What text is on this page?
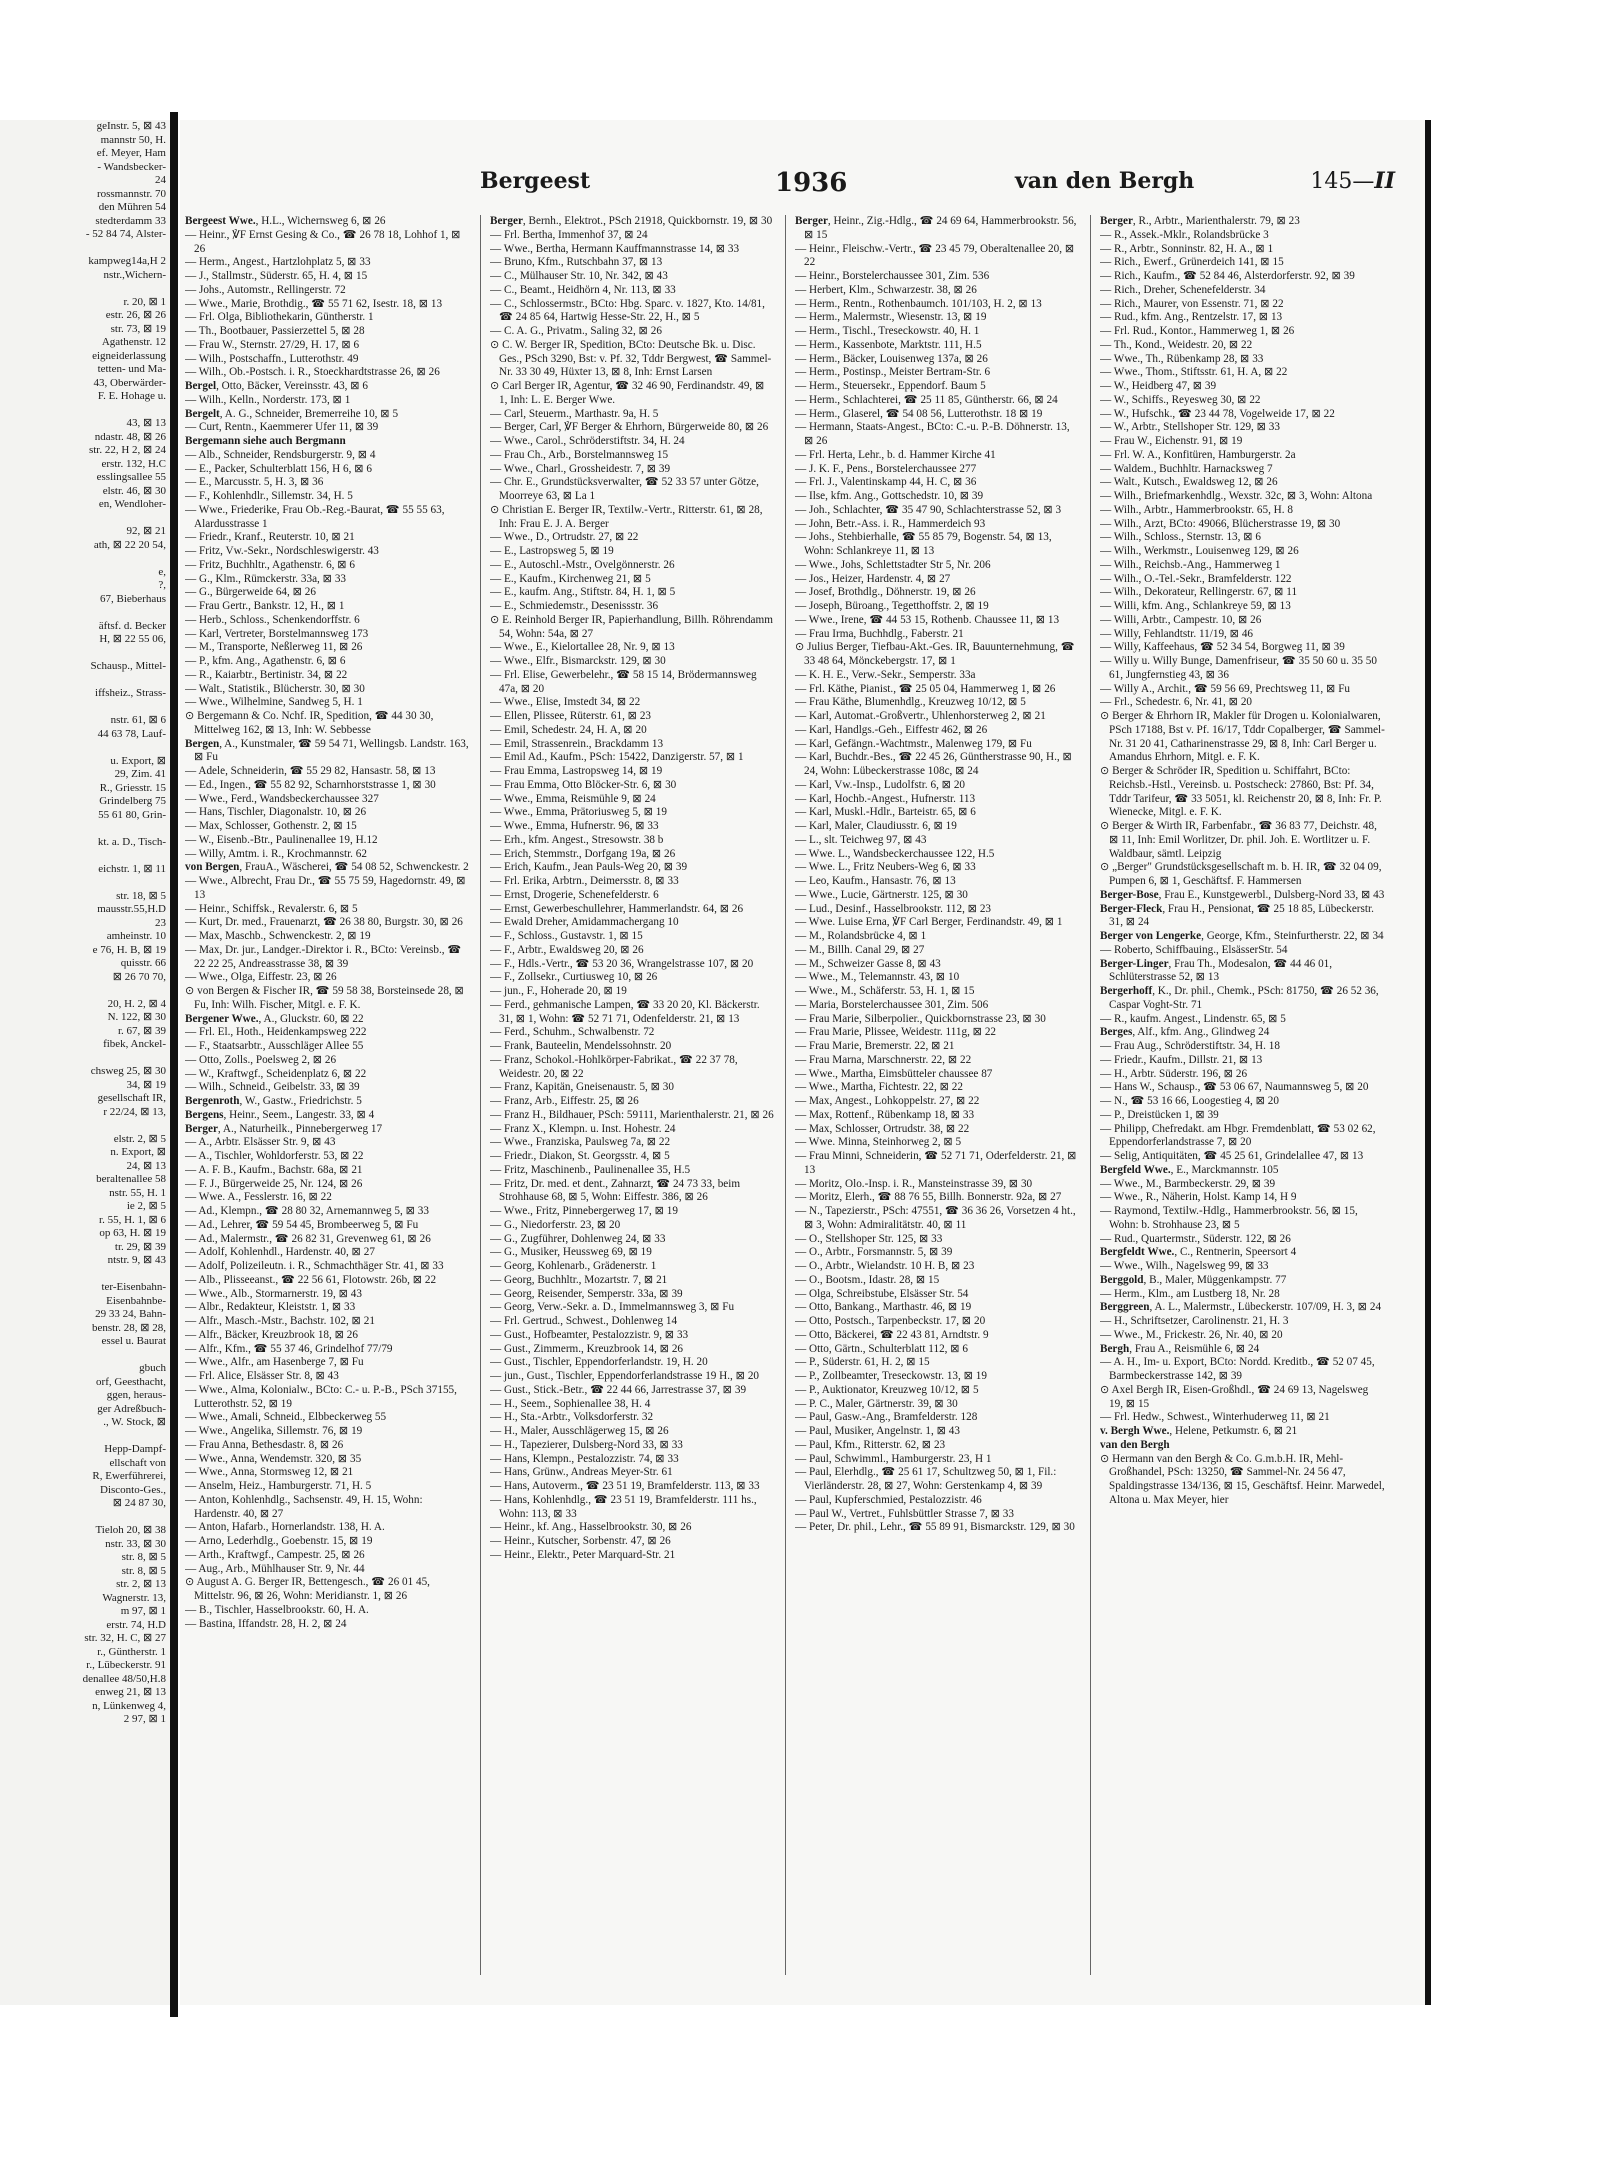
geInstr. 5, ⊠ 43

mannstr 50, H.

ef. Meyer, Ham

- Wandsbecker-

24

rossmannstr. 70

den Mühren 54

stedterdamm 33

- 52 84 74, Alster-

kampweg14a,H 2

nstr.,Wichern-

r. 20, ⊠ 1

estr. 26, ⊠ 26

str. 73, ⊠ 19

Agathenstr. 12

eigneiderlassung

tetten- und Ma-

43, Oberwärder-

F. E. Hohage u.

43, ⊠ 13

ndastr. 48, ⊠ 26

str. 22, H 2, ⊠ 24

erstr. 132, H.C

esslingsallee 55

elstr. 46, ⊠ 30

en, Wendloher-

92, ⊠ 21

ath, ⊠ 22 20 54,

e,

?,

67, Bieberhaus

äftsf. d. Becker

H, ⊠ 22 55 06,

Schausp., Mittel-

iffsheiz., Strass-

nstr. 61, ⊠ 6

44 63 78, Lauf-

u. Export, ⊠

29, Zim. 41

R., Griesstr. 15

Grindelberg 75

55 61 80, Grin-

kt. a. D., Tisch-

eichstr. 1, ⊠ 11

str. 18, ⊠ 5

mausstr.55,H.D

23

amheinstr. 10

e 76, H. B, ⊠ 19

quisstr. 66

⊠ 26 70 70,

20, H. 2, ⊠ 4

N. 122, ⊠ 30

r. 67, ⊠ 39

fibek, Anckel-

chsweg 25, ⊠ 30

34, ⊠ 19

gesellschaft IR,

r 22/24, ⊠ 13,

elstr. 2, ⊠ 5

n. Export, ⊠

24, ⊠ 13

beraltenallee 58

nstr. 55, H. 1

ie 2, ⊠ 5

r. 55, H. 1, ⊠ 6

op 63, H. ⊠ 19

tr. 29, ⊠ 39

ntstr. 9, ⊠ 43

ter-Eisenbahn-

Eisenbahnbe-

29 33 24, Bahn-

benstr. 28, ⊠ 28,

essel u. Baurat

gbuch

orf, Geesthacht,

ggen, heraus-

ger Adreßbuch-

., W. Stock, ⊠

Hepp-Dampf-

ellschaft von

R, Ewerführerei,

Disconto-Ges.,

⊠ 24 87 30,

Tieloh 20, ⊠ 38

nstr. 33, ⊠ 30

str. 8, ⊠ 5

str. 8, ⊠ 5

str. 2, ⊠ 13

Wagnerstr. 13,

m 97, ⊠ 1

erstr. 74, H.D

str. 32, H. C, ⊠ 27

r., Güntherstr. 1

r., Lübeckerstr. 91

denallee 48/50,H.8

enweg 21, ⊠ 13

n, Lünkenweg 4,

2 97, ⊠ 1

Bergeest	1936	van den Bergh	145—II

Bergeest Wwe., H.L., Wichernsweg 6, ⊠ 26

— Heinr., ℣F Ernst Gesing & Co., ☎ 26 78 18, Lohhof 1, ⊠ 26

— Herm., Angest., Hartzlohplatz 5, ⊠ 33

— J., Stallmstr., Süderstr. 65, H. 4, ⊠ 15

— Johs., Automstr., Rellingerstr. 72

— Wwe., Marie, Brothdig., ☎ 55 71 62, Isestr. 18, ⊠ 13

— Frl. Olga, Bibliothekarin, Güntherstr. 1

— Th., Bootbauer, Passierzettel 5, ⊠ 28

— Frau W., Sternstr. 27/29, H. 17, ⊠ 6

— Wilh., Postschaffn., Lutterothstr. 49

— Wilh., Ob.-Postsch. i. R., Stoeckhardtstrasse 26, ⊠ 26

Bergel, Otto, Bäcker, Vereinsstr. 43, ⊠ 6

— Wilh., Kelln., Norderstr. 173, ⊠ 1

Bergelt, A. G., Schneider, Bremerreihe 10, ⊠ 5

— Curt, Rentn., Kaemmerer Ufer 11, ⊠ 39

Bergemann siehe auch Bergmann

— Alb., Schneider, Rendsburgerstr. 9, ⊠ 4

— E., Packer, Schulterblatt 156, H 6, ⊠ 6

— E., Marcusstr. 5, H. 3, ⊠ 36

— F., Kohlenhdlr., Sillemstr. 34, H. 5

— Wwe., Friederike, Frau Ob.-Reg.-Baurat, ☎ 55 55 63, Alardusstrasse 1

— Friedr., Kranf., Reuterstr. 10, ⊠ 21

— Fritz, Vw.-Sekr., Nordschleswigerstr. 43

— Fritz, Buchhltr., Agathenstr. 6, ⊠ 6

— G., Klm., Rümckerstr. 33a, ⊠ 33

— G., Bürgerweide 64, ⊠ 26

— Frau Gertr., Bankstr. 12, H., ⊠ 1

— Herb., Schloss., Schenkendorffstr. 6

— Karl, Vertreter, Borstelmannsweg 173

— M., Transporte, Neßlerweg 11, ⊠ 26

— P., kfm. Ang., Agathenstr. 6, ⊠ 6

— R., Kaiarbtr., Bertinistr. 34, ⊠ 22

— Walt., Statistik., Blücherstr. 30, ⊠ 30

— Wwe., Wilhelmine, Sandweg 5, H. 1

⊙ Bergemann & Co. Nchf. IR, Spedition, ☎ 44 30 30, Mittelweg 162, ⊠ 13, Inh: W. Sebbesse

Bergen, A., Kunstmaler, ☎ 59 54 71, Wellingsb. Landstr. 163, ⊠ Fu

— Adele, Schneiderin, ☎ 55 29 82, Hansastr. 58, ⊠ 13

— Ed., Ingen., ☎ 55 82 92, Scharnhorststrasse 1, ⊠ 30

— Wwe., Ferd., Wandsbeckerchaussee 327

— Hans, Tischler, Diagonalstr. 10, ⊠ 26

— Max, Schlosser, Gothenstr. 2, ⊠ 15

— W., Eisenb.-Btr., Paulinenallee 19, H.12

— Willy, Amtm. i. R., Krochmannstr. 62

von Bergen, FrauA., Wäscherei, ☎ 54 08 52, Schwenckestr. 2

— Wwe., Albrecht, Frau Dr., ☎ 55 75 59, Hagedornstr. 49, ⊠ 13

— Heinr., Schiffsk., Revalerstr. 6, ⊠ 5

— Kurt, Dr. med., Frauenarzt, ☎ 26 38 80, Burgstr. 30, ⊠ 26

— Max, Maschb., Schwenckestr. 2, ⊠ 19

— Max, Dr. jur., Landger.-Direktor i. R., BCto: Vereinsb., ☎ 22 22 25, Andreasstrasse 38, ⊠ 39

— Wwe., Olga, Eiffestr. 23, ⊠ 26

⊙ von Bergen & Fischer IR, ☎ 59 58 38, Borsteinsede 28, ⊠ Fu, Inh: Wilh. Fischer, Mitgl. e. F. K.

Bergener Wwe., A., Gluckstr. 60, ⊠ 22

— Frl. El., Hoth., Heidenkampsweg 222

— F., Staatsarbtr., Ausschläger Allee 55

— Otto, Zolls., Poelsweg 2, ⊠ 26

— W., Kraftwgf., Scheidenplatz 6, ⊠ 22

— Wilh., Schneid., Geibelstr. 33, ⊠ 39

Bergenroth, W., Gastw., Friedrichstr. 5

Bergens, Heinr., Seem., Langestr. 33, ⊠ 4

Berger, A., Naturheilk., Pinnebergerweg 17

— A., Arbtr. Elsässer Str. 9, ⊠ 43

— A., Tischler, Wohldorferstr. 53, ⊠ 22

— A. F. B., Kaufm., Bachstr. 68a, ⊠ 21

— F. J., Bürgerweide 25, Nr. 124, ⊠ 26

— Wwe. A., Fesslerstr. 16, ⊠ 22

— Ad., Klempn., ☎ 28 80 32, Arnemannweg 5, ⊠ 33

— Ad., Lehrer, ☎ 59 54 45, Brombeerweg 5, ⊠ Fu

— Ad., Malermstr., ☎ 26 82 31, Grevenweg 61, ⊠ 26

— Adolf, Kohlenhdl., Hardenstr. 40, ⊠ 27

— Adolf, Polizeileutn. i. R., Schmachthäger Str. 41, ⊠ 33

— Alb., Plisseeanst., ☎ 22 56 61, Flotowstr. 26b, ⊠ 22

— Wwe., Alb., Stormarnerstr. 19, ⊠ 43

— Albr., Redakteur, Kleiststr. 1, ⊠ 33

— Alfr., Masch.-Mstr., Bachstr. 102, ⊠ 21

— Alfr., Bäcker, Kreuzbrook 18, ⊠ 26

— Alfr., Kfm., ☎ 55 37 46, Grindelhof 77/79

— Wwe., Alfr., am Hasenberge 7, ⊠ Fu

— Frl. Alice, Elsässer Str. 8, ⊠ 43

— Wwe., Alma, Kolonialw., BCto: C.- u. P.-B., PSch 37155, Lutterothstr. 52, ⊠ 19

— Wwe., Amali, Schneid., Elbbeckerweg 55

— Wwe., Angelika, Sillemstr. 76, ⊠ 19

— Frau Anna, Bethesdastr. 8, ⊠ 26

— Wwe., Anna, Wendemstr. 320, ⊠ 35

— Wwe., Anna, Stormsweg 12, ⊠ 21

— Anselm, Heiz., Hamburgerstr. 71, H. 5

— Anton, Kohlenhdlg., Sachsenstr. 49, H. 15, Wohn: Hardenstr. 40, ⊠ 27

— Anton, Hafarb., Hornerlandstr. 138, H. A.

— Arno, Lederhdlg., Goebenstr. 15, ⊠ 19

— Arth., Kraftwgf., Campestr. 25, ⊠ 26

— Aug., Arb., Mühlhauser Str. 9, Nr. 44

⊙ August A. G. Berger IR, Bettengesch., ☎ 26 01 45, Mittelstr. 96, ⊠ 26, Wohn: Meridianstr. 1, ⊠ 26

— B., Tischler, Hasselbrookstr. 60, H. A.

— Bastina, Iffandstr. 28, H. 2, ⊠ 24

Berger, Bernh., Elektrot., PSch 21918, Quickbornstr. 19, ⊠ 30

— Frl. Bertha, Immenhof 37, ⊠ 24

— Wwe., Bertha, Hermann Kauffmannstrasse 14, ⊠ 33

— Bruno, Kfm., Rutschbahn 37, ⊠ 13

— C., Mülhauser Str. 10, Nr. 342, ⊠ 43

— C., Beamt., Heidhörn 4, Nr. 113, ⊠ 33

— C., Schlossermstr., BCto: Hbg. Sparc. v. 1827, Kto. 14/81, ☎ 24 85 64, Hartwig Hesse-Str. 22, H., ⊠ 5

— C. A. G., Privatm., Saling 32, ⊠ 26

⊙ C. W. Berger IR, Spedition, BCto: Deutsche Bk. u. Disc. Ges., PSch 3290, Bst: v. Pf. 32, Tddr Bergwest, ☎ Sammel-Nr. 33 30 49, Hüxter 13, ⊠ 8, Inh: Ernst Larsen

⊙ Carl Berger IR, Agentur, ☎ 32 46 90, Ferdinandstr. 49, ⊠ 1, Inh: L. E. Berger Wwe.

— Carl, Steuerm., Marthastr. 9a, H. 5

— Berger, Carl, ℣F Berger & Ehrhorn, Bürgerweide 80, ⊠ 26

— Wwe., Carol., Schröderstiftstr. 34, H. 24

— Frau Ch., Arb., Borstelmannsweg 15

— Wwe., Charl., Grossheidestr. 7, ⊠ 39

— Chr. E., Grundstücksverwalter, ☎ 52 33 57 unter Götze, Moorreye 63, ⊠ La 1

⊙ Christian E. Berger IR, Textilw.-Vertr., Ritterstr. 61, ⊠ 28, Inh: Frau E. J. A. Berger

— Wwe., D., Ortrudstr. 27, ⊠ 22

— E., Lastropsweg 5, ⊠ 19

— E., Autoschl.-Mstr., Ovelgönnerstr. 26

— E., Kaufm., Kirchenweg 21, ⊠ 5

— E., kaufm. Ang., Stiftstr. 84, H. 1, ⊠ 5

— E., Schmiedemstr., Desenissstr. 36

⊙ E. Reinhold Berger IR, Papierhandlung, Billh. Röhrendamm 54, Wohn: 54a, ⊠ 27

— Wwe., E., Kielortallee 28, Nr. 9, ⊠ 13

— Wwe., Elfr., Bismarckstr. 129, ⊠ 30

— Frl. Elise, Gewerbelehr., ☎ 58 15 14, Brödermannsweg 47a, ⊠ 20

— Wwe., Elise, Imstedt 34, ⊠ 22

— Ellen, Plissee, Rüterstr. 61, ⊠ 23

— Emil, Schedestr. 24, H. A, ⊠ 20

— Emil, Strassenrein., Brackdamm 13

— Emil Ad., Kaufm., PSch: 15422, Danzigerstr. 57, ⊠ 1

— Frau Emma, Lastropsweg 14, ⊠ 19

— Frau Emma, Otto Blöcker-Str. 6, ⊠ 30

— Wwe., Emma, Reismühle 9, ⊠ 24

— Wwe., Emma, Prätoriusweg 5, ⊠ 19

— Wwe., Emma, Hufnerstr. 96, ⊠ 33

— Erh., kfm. Angest., Stresowstr. 38 b

— Erich, Stemmstr., Dorfgang 19a, ⊠ 26

— Erich, Kaufm., Jean Pauls-Weg 20, ⊠ 39

— Frl. Erika, Arbtrn., Deimersstr. 8, ⊠ 33

— Ernst, Drogerie, Schenefelderstr. 6

— Ernst, Gewerbeschullehrer, Hammerlandstr. 64, ⊠ 26

— Ewald Dreher, Amidammachergang 10

— F., Schloss., Gustavstr. 1, ⊠ 15

— F., Arbtr., Ewaldsweg 20, ⊠ 26

— F., Hdls.-Vertr., ☎ 53 20 36, Wrangelstrasse 107, ⊠ 20

— F., Zollsekr., Curtiusweg 10, ⊠ 26

— jun., F., Hoherade 20, ⊠ 19

— Ferd., gehmanische Lampen, ☎ 33 20 20, Kl. Bäckerstr. 31, ⊠ 1, Wohn: ☎ 52 71 71, Odenfelderstr. 21, ⊠ 13

— Ferd., Schuhm., Schwalbenstr. 72

— Frank, Bauteelin, Mendelssohnstr. 20

— Franz, Schokol.-Hohlkörper-Fabrikat., ☎ 22 37 78, Weidestr. 20, ⊠ 22

— Franz, Kapitän, Gneisenaustr. 5, ⊠ 30

— Franz, Arb., Eiffestr. 25, ⊠ 26

— Franz H., Bildhauer, PSch: 59111, Marienthalerstr. 21, ⊠ 26

— Franz X., Klempn. u. Inst. Hohestr. 24

— Wwe., Franziska, Paulsweg 7a, ⊠ 22

— Friedr., Diakon, St. Georgsstr. 4, ⊠ 5

— Fritz, Maschinenb., Paulinenallee 35, H.5

— Fritz, Dr. med. et dent., Zahnarzt, ☎ 24 73 33, beim Strohhause 68, ⊠ 5, Wohn: Eiffestr. 386, ⊠ 26

— Wwe., Fritz, Pinnebergerweg 17, ⊠ 19

— G., Niedorferstr. 23, ⊠ 20

— G., Zugführer, Dohlenweg 24, ⊠ 33

— G., Musiker, Heussweg 69, ⊠ 19

— Georg, Kohlenarb., Grädenerstr. 1

— Georg, Buchhltr., Mozartstr. 7, ⊠ 21

— Georg, Reisender, Semperstr. 33a, ⊠ 39

— Georg, Verw.-Sekr. a. D., Immelmannsweg 3, ⊠ Fu

— Frl. Gertrud., Schwest., Dohlenweg 14

— Gust., Hofbeamter, Pestalozzistr. 9, ⊠ 33

— Gust., Zimmerm., Kreuzbrook 14, ⊠ 26

— Gust., Tischler, Eppendorferlandstr. 19, H. 20

— jun., Gust., Tischler, Eppendorferlandstrasse 19 H., ⊠ 20

— Gust., Stick.-Betr., ☎ 22 44 66, Jarrestrasse 37, ⊠ 39

— H., Seem., Sophienallee 38, H. 4

— H., Sta.-Arbtr., Volksdorferstr. 32

— H., Maler, Ausschlägerweg 15, ⊠ 26

— H., Tapezierer, Dulsberg-Nord 33, ⊠ 33

— Hans, Klempn., Pestalozzistr. 74, ⊠ 33

— Hans, Grünw., Andreas Meyer-Str. 61

— Hans, Autoverm., ☎ 23 51 19, Bramfelderstr. 113, ⊠ 33

— Hans, Kohlenhdlg., ☎ 23 51 19, Bramfelderstr. 111 hs., Wohn: 113, ⊠ 33

— Heinr., kf. Ang., Hasselbrookstr. 30, ⊠ 26

— Heinr., Kutscher, Sorbenstr. 47, ⊠ 26

— Heinr., Elektr., Peter Marquard-Str. 21

Berger, Heinr., Zig.-Hdlg., ☎ 24 69 64, Hammerbrookstr. 56, ⊠ 15

— Heinr., Fleischw.-Vertr., ☎ 23 45 79, Oberaltenallee 20, ⊠ 22

— Heinr., Borstelerchaussee 301, Zim. 536

— Herbert, Klm., Schwarzestr. 38, ⊠ 26

— Herm., Rentn., Rothenbaumch. 101/103, H. 2, ⊠ 13

— Herm., Malermstr., Wiesenstr. 13, ⊠ 19

— Herm., Tischl., Treseckowstr. 40, H. 1

— Herm., Kassenbote, Marktstr. 111, H.5

— Herm., Bäcker, Louisenweg 137a, ⊠ 26

— Herm., Postinsp., Meister Bertram-Str. 6

— Herm., Steuersekr., Eppendorf. Baum 5

— Herm., Schlachterei, ☎ 25 11 85, Güntherstr. 66, ⊠ 24

— Herm., Glaserel, ☎ 54 08 56, Lutterothstr. 18 ⊠ 19

— Hermann, Staats-Angest., BCto: C.-u. P.-B. Döhnerstr. 13, ⊠ 26

— Frl. Herta, Lehr., b. d. Hammer Kirche 41

— J. K. F., Pens., Borstelerchaussee 277

— Frl. J., Valentinskamp 44, H. C, ⊠ 36

— Ilse, kfm. Ang., Gottschedstr. 10, ⊠ 39

— Joh., Schlachter, ☎ 35 47 90, Schlachterstrasse 52, ⊠ 3

— John, Betr.-Ass. i. R., Hammerdeich 93

— Johs., Stehbierhalle, ☎ 55 85 79, Bogenstr. 54, ⊠ 13, Wohn: Schlankreye 11, ⊠ 13

— Wwe., Johs, Schlettstadter Str 5, Nr. 206

— Jos., Heizer, Hardenstr. 4, ⊠ 27

— Josef, Brothdlg., Döhnerstr. 19, ⊠ 26

— Joseph, Büroang., Tegetthoffstr. 2, ⊠ 19

— Wwe., Irene, ☎ 44 53 15, Rothenb. Chaussee 11, ⊠ 13

— Frau Irma, Buchhdlg., Faberstr. 21

⊙ Julius Berger, Tiefbau-Akt.-Ges. IR, Bauunternehmung, ☎ 33 48 64, Mönckebergstr. 17, ⊠ 1

— K. H. E., Verw.-Sekr., Semperstr. 33a

— Frl. Käthe, Pianist., ☎ 25 05 04, Hammerweg 1, ⊠ 26

— Frau Käthe, Blumenhdlg., Kreuzweg 10/12, ⊠ 5

— Karl, Automat.-Großvertr., Uhlenhorsterweg 2, ⊠ 21

— Karl, Handlgs.-Geh., Eiffestr 462, ⊠ 26

— Karl, Gefängn.-Wachtmstr., Malenweg 179, ⊠ Fu

— Karl, Buchdr.-Bes., ☎ 22 45 26, Güntherstrasse 90, H., ⊠ 24, Wohn: Lübeckerstrasse 108c, ⊠ 24

— Karl, Vw.-Insp., Ludolfstr. 6, ⊠ 20

— Karl, Hochb.-Angest., Hufnerstr. 113

— Karl, Muskl.-Hdlr., Barteistr. 65, ⊠ 6

— Karl, Maler, Claudiusstr. 6, ⊠ 19

— L., slt. Teichweg 97, ⊠ 43

— Wwe. L., Wandsbeckerchaussee 122, H.5

— Wwe. L., Fritz Neubers-Weg 6, ⊠ 33

— Leo, Kaufm., Hansastr. 76, ⊠ 13

— Wwe., Lucie, Gärtnerstr. 125, ⊠ 30

— Lud., Desinf., Hasselbrookstr. 112, ⊠ 23

— Wwe. Luise Erna, ℣F Carl Berger, Ferdinandstr. 49, ⊠ 1

— M., Rolandsbrücke 4, ⊠ 1

— M., Billh. Canal 29, ⊠ 27

— M., Schweizer Gasse 8, ⊠ 43

— Wwe., M., Telemannstr. 43, ⊠ 10

— Wwe., M., Schäferstr. 53, H. 1, ⊠ 15

— Maria, Borstelerchaussee 301, Zim. 506

— Frau Marie, Silberpolier., Quickbornstrasse 23, ⊠ 30

— Frau Marie, Plissee, Weidestr. 111g, ⊠ 22

— Frau Marie, Bremerstr. 22, ⊠ 21

— Frau Marna, Marschnerstr. 22, ⊠ 22

— Wwe., Martha, Eimsbütteler chaussee 87

— Wwe., Martha, Fichtestr. 22, ⊠ 22

— Max, Angest., Lohkoppelstr. 27, ⊠ 22

— Max, Rottenf., Rübenkamp 18, ⊠ 33

— Max, Schlosser, Ortrudstr. 38, ⊠ 22

— Wwe. Minna, Steinhorweg 2, ⊠ 5

— Frau Minni, Schneiderin, ☎ 52 71 71, Oderfelderstr. 21, ⊠ 13

— Moritz, Olo.-Insp. i. R., Mansteinstrasse 39, ⊠ 30

— Moritz, Elerh., ☎ 88 76 55, Billh. Bonnerstr. 92a, ⊠ 27

— N., Tapezierstr., PSch: 47551, ☎ 36 36 26, Vorsetzen 4 ht., ⊠ 3, Wohn: Admiralitätstr. 40, ⊠ 11

— O., Stellshoper Str. 125, ⊠ 33

— O., Arbtr., Forsmannstr. 5, ⊠ 39

— O., Arbtr., Wielandstr. 10 H. B, ⊠ 23

— O., Bootsm., Idastr. 28, ⊠ 15

— Olga, Schreibstube, Elsässer Str. 54

— Otto, Bankang., Marthastr. 46, ⊠ 19

— Otto, Postsch., Tarpenbeckstr. 17, ⊠ 20

— Otto, Bäckerei, ☎ 22 43 81, Arndtstr. 9

— Otto, Gärtn., Schulterblatt 112, ⊠ 6

— P., Süderstr. 61, H. 2, ⊠ 15

— P., Zollbeamter, Treseckowstr. 13, ⊠ 19

— P., Auktionator, Kreuzweg 10/12, ⊠ 5

— P. C., Maler, Gärtnerstr. 39, ⊠ 30

— Paul, Gasw.-Ang., Bramfelderstr. 128

— Paul, Musiker, Angelnstr. 1, ⊠ 43

— Paul, Kfm., Ritterstr. 62, ⊠ 23

— Paul, Schwimml., Hamburgerstr. 23, H 1

— Paul, Elerhdlg., ☎ 25 61 17, Schultzweg 50, ⊠ 1, Fil.: Vierländerstr. 28, ⊠ 27, Wohn: Gerstenkamp 4, ⊠ 39

— Paul, Kupferschmied, Pestalozzistr. 46

— Paul W., Vertret., Fuhlsbüttler Strasse 7, ⊠ 33

— Peter, Dr. phil., Lehr., ☎ 55 89 91, Bismarckstr. 129, ⊠ 30

Berger, R., Arbtr., Marienthalerstr. 79, ⊠ 23

— R., Assek.-Mklr., Rolandsbrücke 3

— R., Arbtr., Sonninstr. 82, H. A., ⊠ 1

— Rich., Ewerf., Grünerdeich 141, ⊠ 15

— Rich., Kaufm., ☎ 52 84 46, Alsterdorferstr. 92, ⊠ 39

— Rich., Dreher, Schenefelderstr. 34

— Rich., Maurer, von Essenstr. 71, ⊠ 22

— Rud., kfm. Ang., Rentzelstr. 17, ⊠ 13

— Frl. Rud., Kontor., Hammerweg 1, ⊠ 26

— Th., Kond., Weidestr. 20, ⊠ 22

— Wwe., Th., Rübenkamp 28, ⊠ 33

— Wwe., Thom., Stiftsstr. 61, H. A, ⊠ 22

— W., Heidberg 47, ⊠ 39

— W., Schiffs., Reyesweg 30, ⊠ 22

— W., Hufschk., ☎ 23 44 78, Vogelweide 17, ⊠ 22

— W., Arbtr., Stellshoper Str. 129, ⊠ 33

— Frau W., Eichenstr. 91, ⊠ 19

— Frl. W. A., Konfitüren, Hamburgerstr. 2a

— Waldem., Buchhltr. Harnacksweg 7

— Walt., Kutsch., Ewaldsweg 12, ⊠ 26

— Wilh., Briefmarkenhdlg., Wexstr. 32c, ⊠ 3, Wohn: Altona

— Wilh., Arbtr., Hammerbrookstr. 65, H. 8

— Wilh., Arzt, BCto: 49066, Blücherstrasse 19, ⊠ 30

— Wilh., Schloss., Sternstr. 13, ⊠ 6

— Wilh., Werkmstr., Louisenweg 129, ⊠ 26

— Wilh., Reichsb.-Ang., Hammerweg 1

— Wilh., O.-Tel.-Sekr., Bramfelderstr. 122

— Wilh., Dekorateur, Rellingerstr. 67, ⊠ 11

— Willi, kfm. Ang., Schlankreye 59, ⊠ 13

— Willi, Arbtr., Campestr. 10, ⊠ 26

— Willy, Fehlandtstr. 11/19, ⊠ 46

— Willy, Kaffeehaus, ☎ 52 34 54, Borgweg 11, ⊠ 39

— Willy u. Willy Bunge, Damenfriseur, ☎ 35 50 60 u. 35 50 61, Jungfernstieg 43, ⊠ 36

— Willy A., Archit., ☎ 59 56 69, Prechtsweg 11, ⊠ Fu

— Frl., Schedestr. 6, Nr. 41, ⊠ 20

⊙ Berger & Ehrhorn IR, Makler für Drogen u. Kolonialwaren, PSch 17188, Bst v. Pf. 16/17, Tddr Copalberger, ☎ Sammel-Nr. 31 20 41, Catharinenstrasse 29, ⊠ 8, Inh: Carl Berger u. Amandus Ehrhorn, Mitgl. e. F. K.

⊙ Berger & Schröder IR, Spedition u. Schiffahrt, BCto: Reichsb.-Hstl., Vereinsb. u. Postscheck: 27860, Bst: Pf. 34, Tddr Tarifeur, ☎ 33 5051, kl. Reichenstr 20, ⊠ 8, Inh: Fr. P. Wienecke, Mitgl. e. F. K.

⊙ Berger & Wirth IR, Farbenfabr., ☎ 36 83 77, Deichstr. 48, ⊠ 11, Inh: Emil Worlitzer, Dr. phil. Joh. E. Wortlitzer u. F. Waldbaur, sämtl. Leipzig

⊙ „Berger" Grundstücksgesellschaft m. b. H. IR, ☎ 32 04 09, Pumpen 6, ⊠ 1, Geschäftsf. F. Hammersen

Berger-Bose, Frau E., Kunstgewerbl., Dulsberg-Nord 33, ⊠ 43

Berger-Fleck, Frau H., Pensionat, ☎ 25 18 85, Lübeckerstr. 31, ⊠ 24

Berger von Lengerke, George, Kfm., Steinfurtherstr. 22, ⊠ 34

— Roberto, Schiffbauing., ElsässerStr. 54

Berger-Linger, Frau Th., Modesalon, ☎ 44 46 01, Schlüterstrasse 52, ⊠ 13

Bergerhoff, K., Dr. phil., Chemk., PSch: 81750, ☎ 26 52 36, Caspar Voght-Str. 71

— R., kaufm. Angest., Lindenstr. 65, ⊠ 5

Berges, Alf., kfm. Ang., Glindweg 24

— Frau Aug., Schröderstiftstr. 34, H. 18

— Friedr., Kaufm., Dillstr. 21, ⊠ 13

— H., Arbtr. Süderstr. 196, ⊠ 26

— Hans W., Schausp., ☎ 53 06 67, Naumannsweg 5, ⊠ 20

— N., ☎ 53 16 66, Loogestieg 4, ⊠ 20

— P., Dreistücken 1, ⊠ 39

— Philipp, Chefredakt. am Hbgr. Fremdenblatt, ☎ 53 02 62, Eppendorferlandstrasse 7, ⊠ 20

— Selig, Antiquitäten, ☎ 45 25 61, Grindelallee 47, ⊠ 13

Bergfeld Wwe., E., Marckmannstr. 105

— Wwe., M., Barmbeckerstr. 29, ⊠ 39

— Wwe., R., Näherin, Holst. Kamp 14, H 9

— Raymond, Textilw.-Hdlg., Hammerbrookstr. 56, ⊠ 15, Wohn: b. Strohhause 23, ⊠ 5

— Rud., Quartermstr., Süderstr. 122, ⊠ 26

Bergfeldt Wwe., C., Rentnerin, Speersort 4

— Wwe., Wilh., Nagelsweg 99, ⊠ 33

Berggold, B., Maler, Müggenkampstr. 77

— Herm., Klm., am Lustberg 18, Nr. 28

Berggreen, A. L., Malermstr., Lübeckerstr. 107/09, H. 3, ⊠ 24

— H., Schriftsetzer, Carolinenstr. 21, H. 3

— Wwe., M., Frickestr. 26, Nr. 40, ⊠ 20

Bergh, Frau A., Reismühle 6, ⊠ 24

— A. H., Im- u. Export, BCto: Nordd. Kreditb., ☎ 52 07 45, Barmbeckerstrasse 142, ⊠ 39

⊙ Axel Bergh IR, Eisen-Großhdl., ☎ 24 69 13, Nagelsweg 19, ⊠ 15

— Frl. Hedw., Schwest., Winterhuderweg 11, ⊠ 21

v. Bergh Wwe., Helene, Petkumstr. 6, ⊠ 21

van den Bergh

⊙ Hermann van den Bergh & Co. G.m.b.H. IR, Mehl-Großhandel, PSch: 13250, ☎ Sammel-Nr. 24 56 47, Spaldingstrasse 134/136, ⊠ 15, Geschäftsf. Heinr. Marwedel, Altona u. Max Meyer, hier
